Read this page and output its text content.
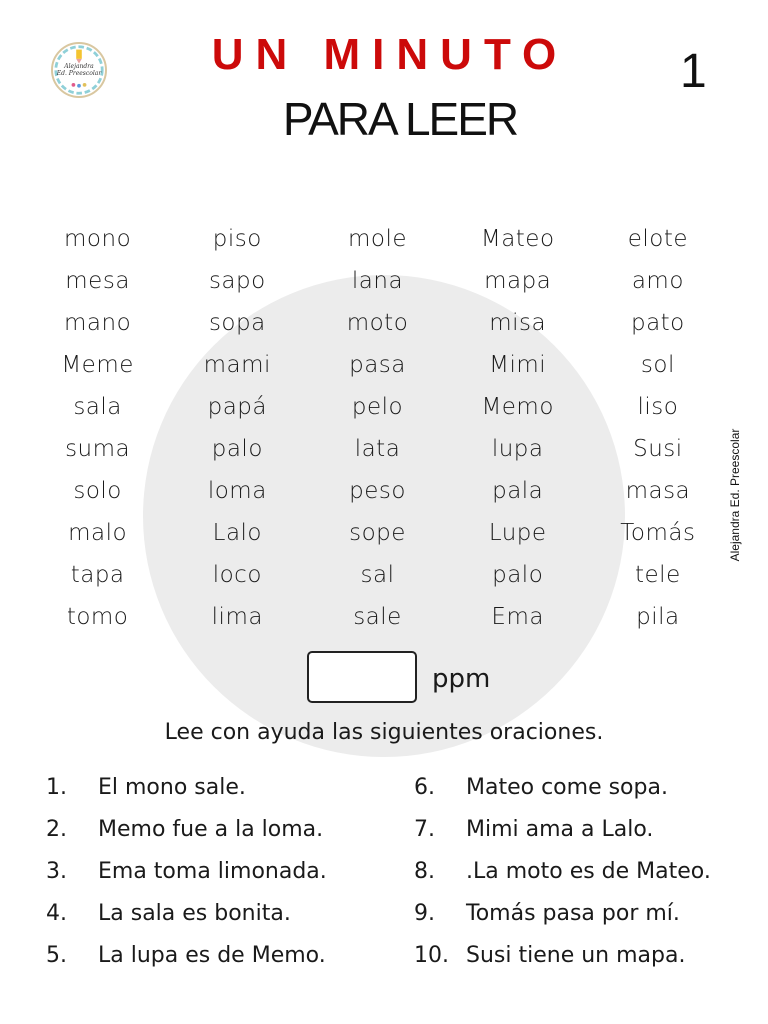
Alejandra
Ed. Preescolar	UN MINUTO
PARA LEER
1
Alejandra Ed. Preescolar
mono	piso	mole	Mateo	elote
mesa	sapo	lana	mapa	amo
mano	sopa	moto	misa	pato
Meme	mami	pasa	Mimi	sol
sala	papá	pelo	Memo	liso
suma	palo	lata	lupa	Susi
solo	loma	peso	pala	masa
malo	Lalo	sope	Lupe	Tomás
tapa	loco	sal	palo	tele
tomo	lima	sale	Ema	pila
ppm
Lee con ayuda las siguientes oraciones.
1.	El mono sale.
2.	Memo fue a la loma.
3.	Ema toma limonada.
4.	La sala es bonita.
5.	La lupa es de Memo.
6.	Mateo come sopa.
7.	Mimi ama a Lalo.
8.	.La moto es de Mateo.
9.	Tomás pasa por mí.
10. Susi tiene un mapa.
